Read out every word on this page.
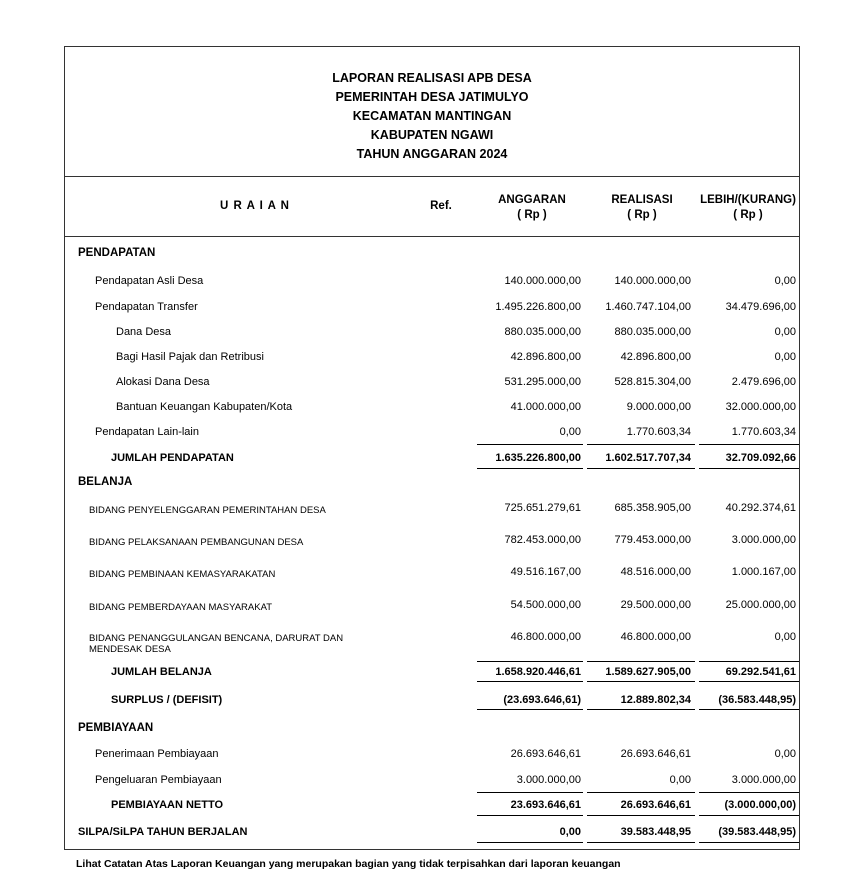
LAPORAN REALISASI APB DESA
PEMERINTAH DESA JATIMULYO
KECAMATAN MANTINGAN
KABUPATEN NGAWI
TAHUN ANGGARAN 2024
U R A I A N	Ref.	ANGGARAN
( Rp )
REALISASI
( Rp )
LEBIH/(KURANG)
( Rp )
PENDAPATAN
Pendapatan Asli Desa	140.000.000,00	140.000.000,00	0,00
Pendapatan Transfer	1.495.226.800,00	1.460.747.104,00	34.479.696,00
Dana Desa	880.035.000,00	880.035.000,00	0,00
Bagi Hasil Pajak dan Retribusi	42.896.800,00	42.896.800,00	0,00
Alokasi Dana Desa	531.295.000,00	528.815.304,00	2.479.696,00
Bantuan Keuangan Kabupaten/Kota	41.000.000,00	9.000.000,00	32.000.000,00
Pendapatan Lain-lain	0,00	1.770.603,34	1.770.603,34
JUMLAH PENDAPATAN	1.635.226.800,00	1.602.517.707,34	32.709.092,66
BELANJA
BIDANG PENYELENGGARAN PEMERINTAHAN DESA	725.651.279,61	685.358.905,00	40.292.374,61
BIDANG PELAKSANAAN PEMBANGUNAN DESA	782.453.000,00	779.453.000,00	3.000.000,00
BIDANG PEMBINAAN KEMASYARAKATAN	49.516.167,00	48.516.000,00	1.000.167,00
BIDANG PEMBERDAYAAN MASYARAKAT	54.500.000,00	29.500.000,00	25.000.000,00
BIDANG PENANGGULANGAN BENCANA, DARURAT DAN
MENDESAK DESA
46.800.000,00	46.800.000,00	0,00
JUMLAH BELANJA	1.658.920.446,61	1.589.627.905,00	69.292.541,61
SURPLUS / (DEFISIT)	(23.693.646,61)	12.889.802,34	(36.583.448,95)
PEMBIAYAAN
Penerimaan Pembiayaan	26.693.646,61	26.693.646,61	0,00
Pengeluaran Pembiayaan	3.000.000,00	0,00	3.000.000,00
PEMBIAYAAN NETTO	23.693.646,61	26.693.646,61	(3.000.000,00)
SILPA/SiLPA TAHUN BERJALAN	0,00	39.583.448,95	(39.583.448,95)
Lihat Catatan Atas Laporan Keuangan yang merupakan bagian yang tidak terpisahkan dari laporan keuangan
